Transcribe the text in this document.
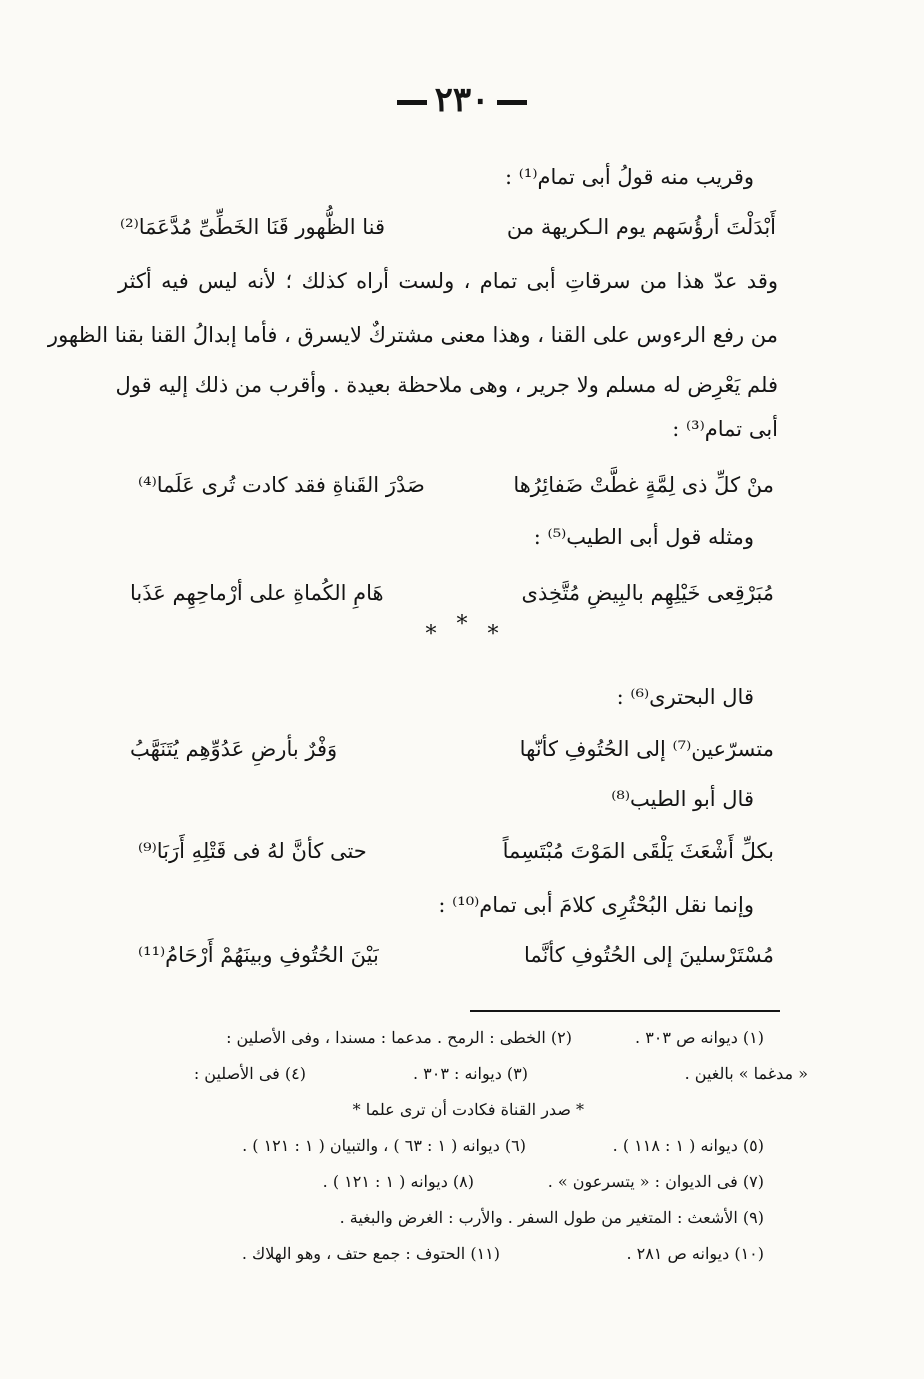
٢٣٠
وقريب منه قولُ أبى تمام⁽¹⁾ :
أَبْدَلْتَ أرؤُسَهم يوم الـكريهة من
قنا الظُّهور قَنَا الخَطِّىِّ مُدَّعَمَا⁽²⁾
وقد عدّ هذا من سرقاتِ أبى تمام ، ولست أراه كذلك ؛ لأنه ليس فيه أكثر
من رفع الرءوس على القنا ، وهذا معنى مشتركٌ لايسرق ، فأما إبدالُ القنا بقنا الظهور
فلم يَعْرِض له مسلم ولا جرير ، وهى ملاحظة بعيدة . وأقرب من ذلك إليه قول
أبى تمام⁽³⁾ :
منْ كلِّ ذى لِمَّةٍ غطَّتْ ضَفائِرُها
صَدْرَ القَناةِ فقد كادت تُرى عَلَما⁽⁴⁾
ومثله قول أبى الطيب⁽⁵⁾ :
مُبَرْقِعى خَيْلِهِم بالبِيضِ مُتَّخِذى
هَامِ الكُماةِ على أرْماحِهِم عَذَبا
* * *
قال البحترى⁽⁶⁾ :
متسرّعين⁽⁷⁾ إلى الحُتُوفِ كأنّها
وَفْرٌ بأرضِ عَدُوِّهِم يُتَنَهَّبُ
قال أبو الطيب⁽⁸⁾
بكلِّ أَشْعَثَ يَلْقَى المَوْتَ مُبْتَسِماً
حتى كأنَّ لهُ فى قَتْلِهِ أَرَبَا⁽⁹⁾
وإنما نقل البُحْتُرِى كلامَ أبى تمام⁽¹⁰⁾ :
مُسْتَرْسلينَ إلى الحُتُوفِ كأنَّما
بَيْنَ الحُتُوفِ وبينَهُمْ أَرْحَامُ⁽¹¹⁾
(١) ديوانه ص ٣٠٣ .
(٢) الخطى : الرمح . مدعما : مسندا ، وفى الأصلين :
« مدغما » بالغين .
(٣) ديوانه : ٣٠٣ .
(٤) فى الأصلين :
* صدر القناة فكادت أن ترى علما *
(٥) ديوانه ( ١ : ١١٨ ) .
(٦) ديوانه ( ١ : ٦٣ ) ، والتبيان ( ١ : ١٢١ ) .
(٧) فى الديوان : « يتسرعون » .
(٨) ديوانه ( ١ : ١٢١ ) .
(٩) الأشعث : المتغير من طول السفر . والأرب : الغرض والبغية .
(١٠) ديوانه ص ٢٨١ .
(١١) الحتوف : جمع حتف ، وهو الهلاك .
